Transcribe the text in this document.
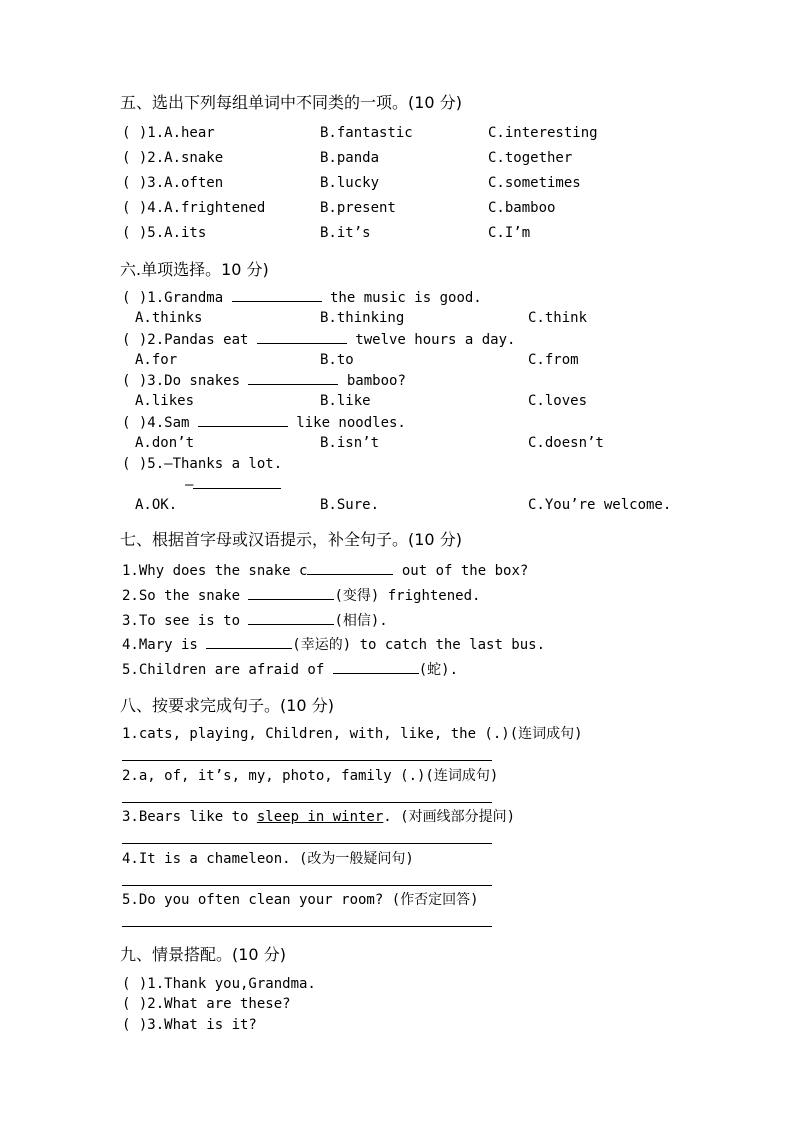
五、选出下列每组单词中不同类的一项。(10 分)
( )1.A.hear	B.fantastic	C.interesting
( )2.A.snake	B.panda	C.together
( )3.A.often	B.lucky	C.sometimes
( )4.A.frightened	B.present	C.bamboo
( )5.A.its	B.it’s	C.I’m
六.单项选择。10 分)
( )1.Grandma	the music is good.
A.thinks	B.thinking	C.think
( )2.Pandas eat	twelve hours a day.
A.for	B.to	C.from
( )3.Do snakes	bamboo?
A.likes	B.like	C.loves
( )4.Sam	like noodles.
A.don’t	B.isn’t	C.doesn’t
( )5.—Thanks a lot.
—
A.OK.	B.Sure.	C.You’re welcome.
七、根据首字母或汉语提示，补全句子。(10 分)
1.Why does the snake c	out of the box?
2.So the snake	(变得) frightened.
3.To see is to	(相信).
4.Mary is	(幸运的) to catch the last bus.
5.Children are afraid of	(蛇).
八、按要求完成句子。(10 分)
1.cats, playing, Children, with, like, the (.)(连词成句)
2.a, of, it’s, my, photo, family (.)(连词成句)
3.Bears like to sleep in winter. (对画线部分提问)
4.It is a chameleon. (改为一般疑问句)
5.Do you often clean your room? (作否定回答)
九、情景搭配。(10 分)
( )1.Thank you,Grandma.
( )2.What are these?
( )3.What is it?
